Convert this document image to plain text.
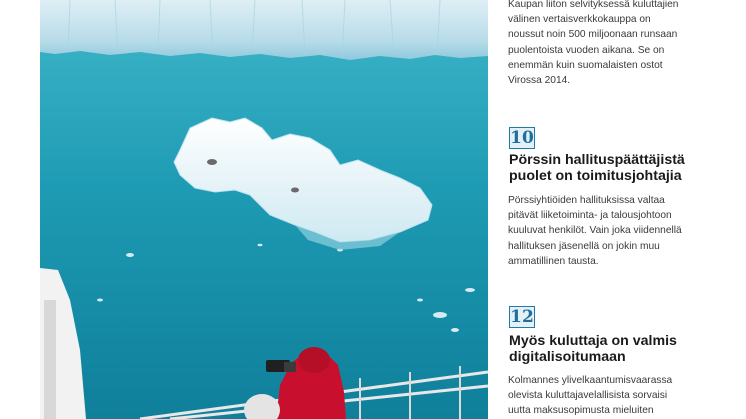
Kaupan liiton selvityksessä kuluttajien
välinen vertaisverkkokauppa on
noussut noin 500 miljoonaan runsaan
puolentoista vuoden aikana. Se on
enemmän kuin suomalaisten ostot
Virossa 2014.
10
Pörssin hallituspäättäjistä
puolet on toimitusjohtajia
Pörssiyhtiöiden hallituksissa valtaa
pitävät liiketoiminta- ja talousjohtoon
kuuluvat henkilöt. Vain joka viidennellä
hallituksen jäsenellä on jokin muu
ammatillinen tausta.
12
Myös kuluttaja on valmis
digitalisoitumaan
Kolmannes ylivelkaantumisvaarassa
olevista kuluttajavelallisista sorvaisi
uutta maksusopimusta mieluiten
